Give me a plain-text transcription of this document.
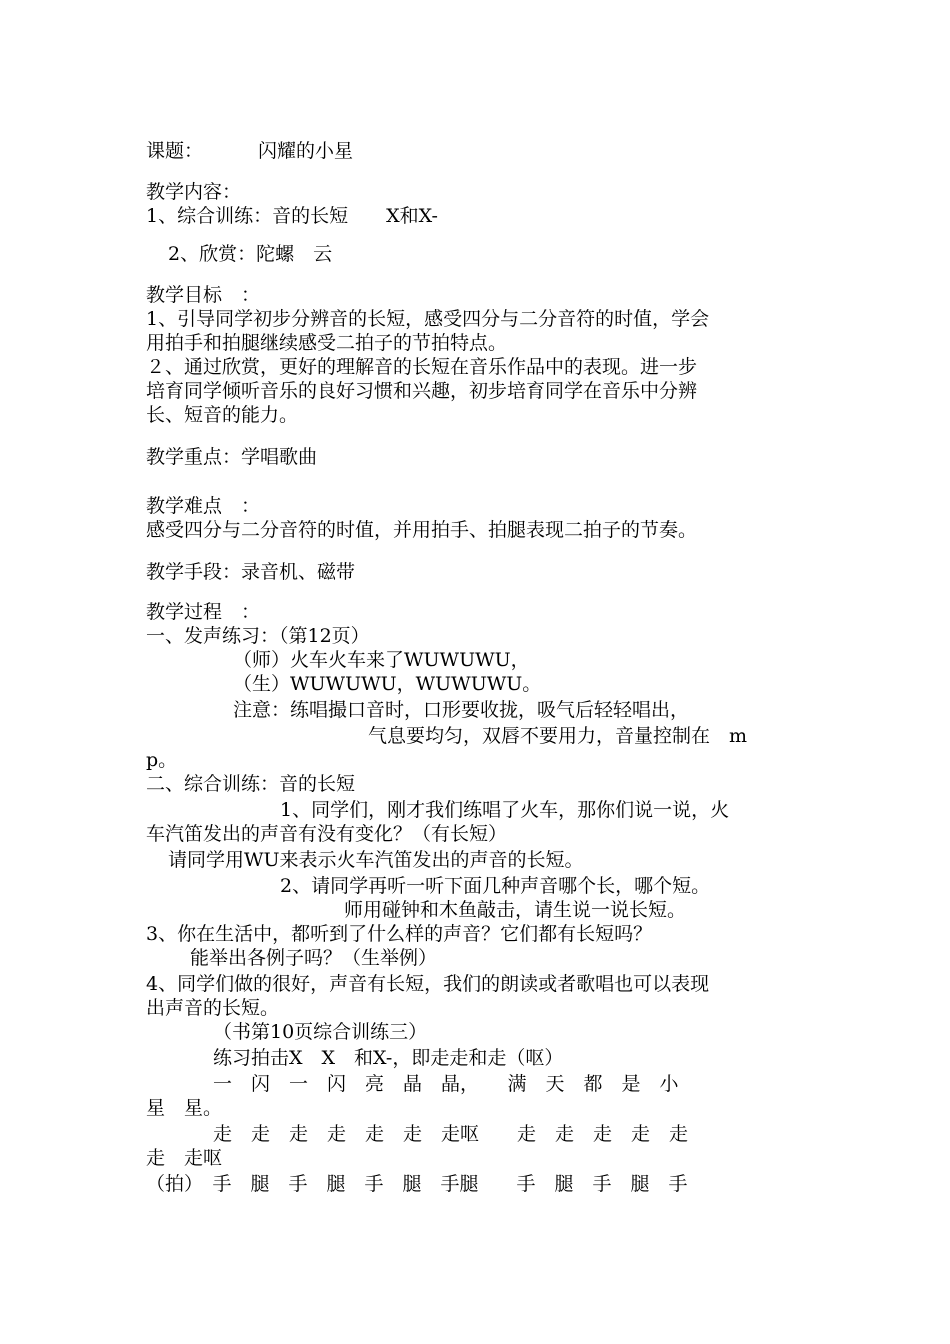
课题：	闪耀的小星
教学内容：
1、综合训练：音的长短　　X和X-
2、欣赏：陀螺　云
教学目标　：
1、引导同学初步分辨音的长短，感受四分与二分音符的时值，学会
用拍手和拍腿继续感受二拍子的节拍特点。
２、通过欣赏，更好的理解音的长短在音乐作品中的表现。进一步
培育同学倾听音乐的良好习惯和兴趣，初步培育同学在音乐中分辨
长、短音的能力。
教学重点：学唱歌曲
教学难点　：
感受四分与二分音符的时值，并用拍手、拍腿表现二拍子的节奏。
教学手段：录音机、磁带
教学过程　：
一、发声练习：（第12页）
（师）火车火车来了WUWUWU，
（生）WUWUWU，WUWUWU。
注意：练唱撮口音时，口形要收拢，吸气后轻轻唱出，
气息要均匀，双唇不要用力，音量控制在　m
p。
二、综合训练：音的长短
1、同学们，刚才我们练唱了火车，那你们说一说，火
车汽笛发出的声音有没有变化？（有长短）
请同学用WU来表示火车汽笛发出的声音的长短。
2、请同学再听一听下面几种声音哪个长，哪个短。
师用碰钟和木鱼敲击，请生说一说长短。
3、你在生活中，都听到了什么样的声音？它们都有长短吗？
能举出各例子吗？（生举例）
4、同学们做的很好，声音有长短，我们的朗读或者歌唱也可以表现
出声音的长短。
（书第10页综合训练三）
练习拍击X　X　和X-，即走走和走（呕）
一　闪　一　闪　亮　晶　晶，　　满　天　都　是　小
星　星。
走　走　走　走　走　走　走呕　　走　走　走　走　走
走　走呕
（拍）　手　腿　手　腿　手　腿　手腿　　手　腿　手　腿　手
